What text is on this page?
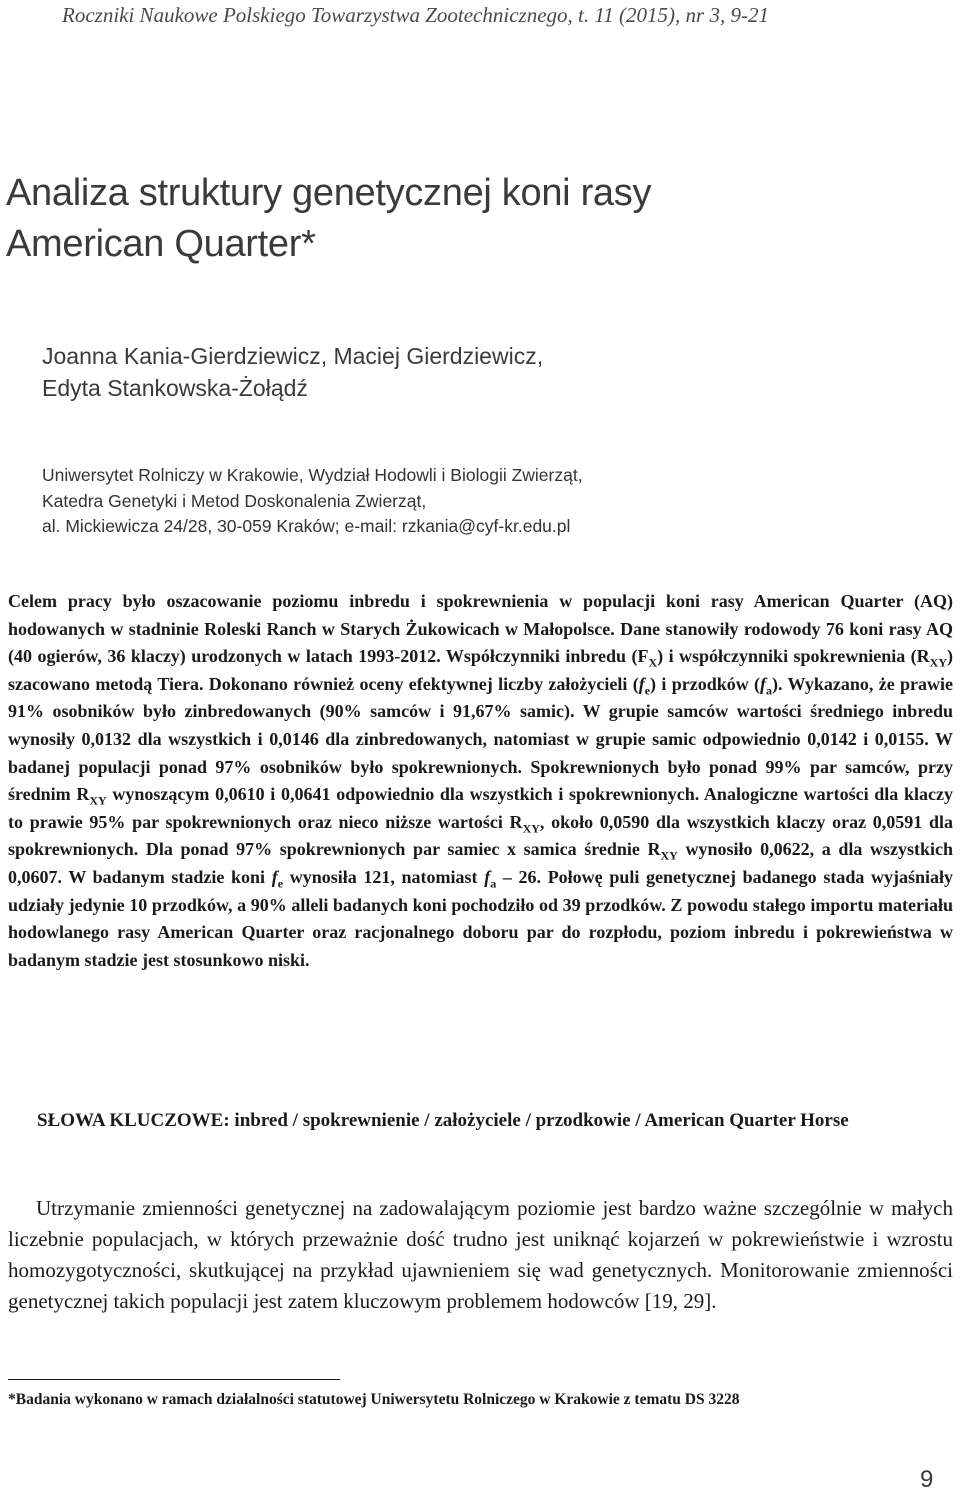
Roczniki Naukowe Polskiego Towarzystwa Zootechnicznego, t. 11 (2015), nr 3, 9-21
Analiza struktury genetycznej koni rasy
American Quarter*
Joanna Kania-Gierdziewicz, Maciej Gierdziewicz,
Edyta Stankowska-Żołądź
Uniwersytet Rolniczy w Krakowie, Wydział Hodowli i Biologii Zwierząt,
Katedra Genetyki i Metod Doskonalenia Zwierząt,
al. Mickiewicza 24/28, 30-059 Kraków; e-mail: rzkania@cyf-kr.edu.pl

Celem pracy było oszacowanie poziomu inbredu i spokrewnienia w populacji koni rasy American Quarter (AQ) hodowanych w stadninie Roleski Ranch w Starych Żukowicach w Małopolsce. Dane stanowiły rodowody 76 koni rasy AQ (40 ogierów, 36 klaczy) urodzonych w latach 1993-2012. Współczynniki inbredu $(F_X)$ i współczynniki spokrewnienia $(R_{XY})$ szacowano metodą Tiera. Dokonano również oceny efektywnej liczby założycieli $(f_e)$ i przodków $(f_a)$. Wykazano, że prawie 91% osobników było zinbredowanych (90% samców i 91,67% samic). W grupie samców wartości średniego inbredu wynosiły 0,0132 dla wszystkich i 0,0146 dla zinbredowanych, natomiast w grupie samic odpowiednio 0,0142 i 0,0155. W badanej populacji ponad 97% osobników było spokrewnionych. Spokrewnionych było ponad 99% par samców, przy średnim $R_{XY}$ wynoszącym 0,0610 i 0,0641 odpowiednio dla wszystkich i spokrewnionych. Analogiczne wartości dla klaczy to prawie 95% par spokrewnionych oraz nieco niższe wartości $R_{XY}$, około 0,0590 dla wszystkich klaczy oraz 0,0591 dla spokrewnionych. Dla ponad 97% spokrewnionych par samiec x samica średnie $R_{XY}$ wynosiło 0,0622, a dla wszystkich 0,0607. W badanym stadzie koni $f_e$ wynosiła 121, natomiast $f_a - 26$. Połowę puli genetycznej badanego stada wyjaśniały udziały jedynie 10 przodków, a 90% alleli badanych koni pochodziło od 39 przodków. Z powodu stałego importu materiału hodowlanego rasy American Quarter oraz racjonalnego doboru par do rozpłodu, poziom inbredu i pokrewieństwa w badanym stadzie jest stosunkowo niski.

SŁOWA KLUCZOWE: inbred / spokrewnienie / założyciele / przodkowie / American Quarter Horse

Utrzymanie zmienności genetycznej na zadowalającym poziomie jest bardzo ważne szczególnie w małych liczebnie populacjach, w których przeważnie dość trudno jest uniknąć kojarzeń w pokrewieństwie i wzrostu homozygotyczności, skutkującej na przykład ujawnieniem się wad genetycznych. Monitorowanie zmienności genetycznej takich populacji jest zatem kluczowym problemem hodowców [19, 29].

*Badania wykonano w ramach działalności statutowej Uniwersytetu Rolniczego w Krakowie z tematu DS 3228
9
